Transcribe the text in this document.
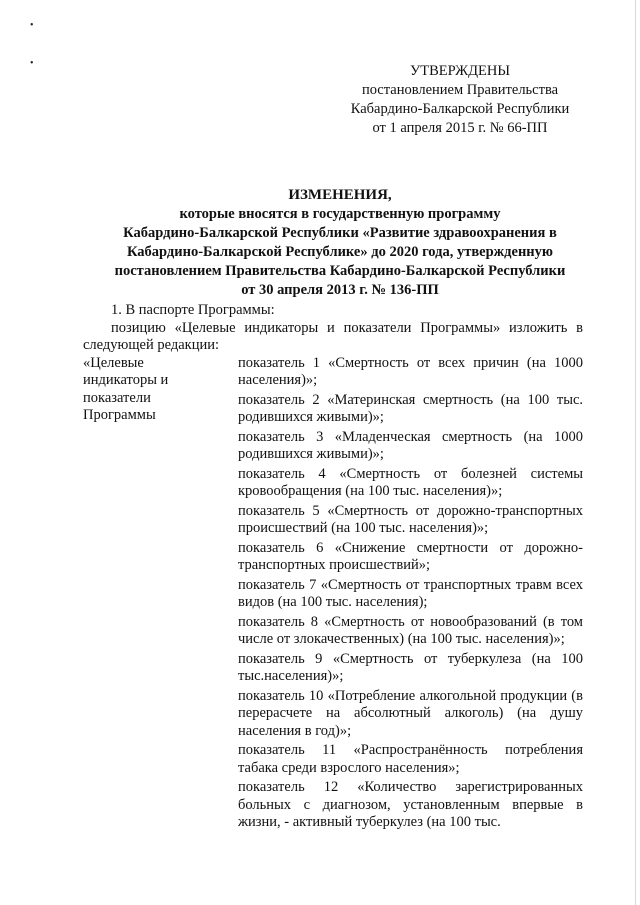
•
•	УТВЕРЖДЕНЫ
постановлением Правительства
Кабардино-Балкарской Республики
от 1 апреля 2015 г. № 66-ПП
ИЗМЕНЕНИЯ,
которые вносятся в государственную программу
Кабардино-Балкарской Республики «Развитие здравоохранения в
Кабардино-Балкарской Республике» до 2020 года, утвержденную
постановлением Правительства Кабардино-Балкарской Республики
от 30 апреля 2013 г. № 136-ПП

1. В паспорте Программы:

позицию «Целевые индикаторы и показатели Программы» изложить в следующей редакции:

«Целевые
индикаторы и
показатели
Программы

показатель 1 «Смертность от всех причин (на 1000 населения)»;

показатель 2 «Материнская смертность (на 100 тыс. родившихся живыми)»;

показатель 3 «Младенческая смертность (на 1000 родившихся живыми)»;

показатель 4 «Смертность от болезней системы кровообращения (на 100 тыс. населения)»;

показатель 5 «Смертность от дорожно-транспортных происшествий (на 100 тыс. населения)»;

показатель 6 «Снижение смертности от дорожно-транспортных происшествий»;

показатель 7 «Смертность от транспортных травм всех видов (на 100 тыс. населения);

показатель 8 «Смертность от новообразований (в том числе от злокачественных) (на 100 тыс. населения)»;

показатель 9 «Смертность от туберкулеза (на 100 тыс.населения)»;

показатель 10 «Потребление алкогольной продукции (в перерасчете на абсолютный алкоголь) (на душу населения в год)»;

показатель 11 «Распространённость потребления табака среди взрослого населения»;

показатель 12 «Количество зарегистрированных больных с диагнозом, установленным впервые в жизни, - активный туберкулез (на 100 тыс.
